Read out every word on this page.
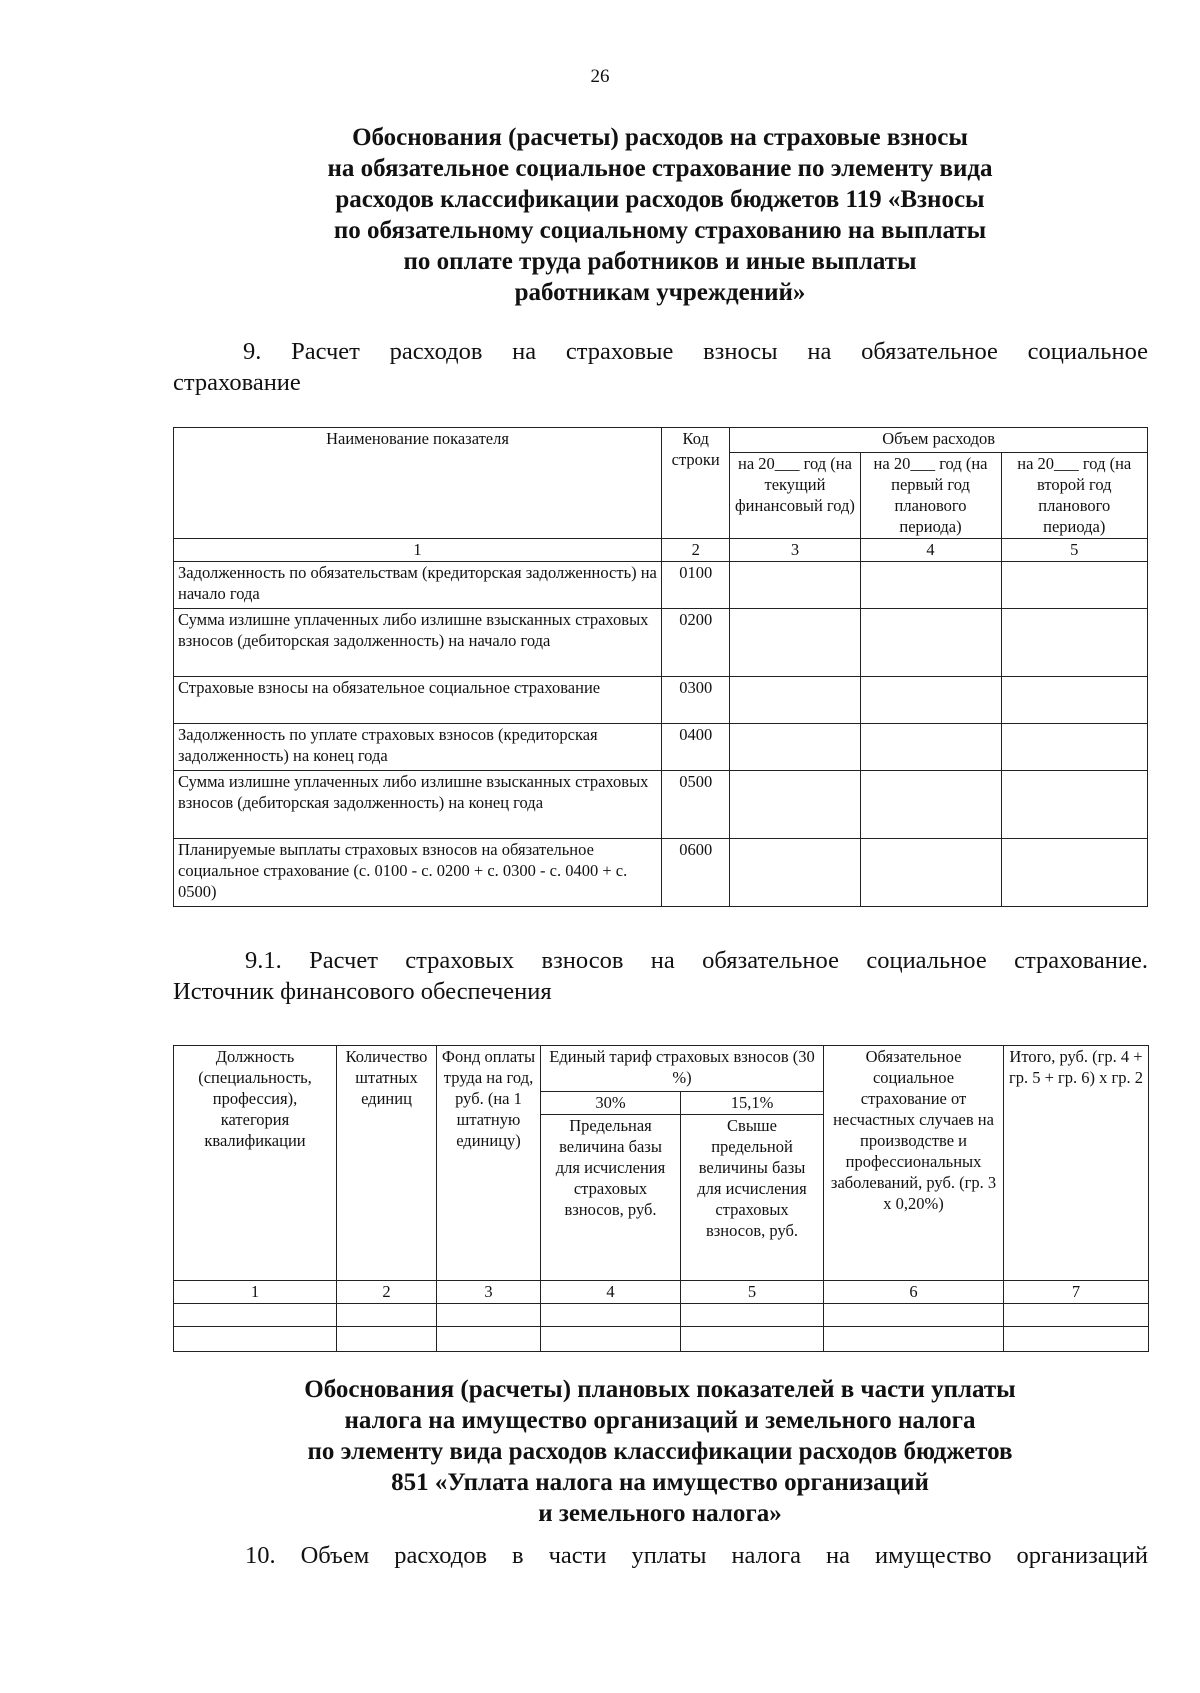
26
Обоснования (расчеты) расходов на страховые взносы
на обязательное социальное страхование по элементу вида
расходов классификации расходов бюджетов 119 «Взносы
по обязательному социальному страхованию на выплаты
по оплате труда работников и иные выплаты
работникам учреждений»

9. Расчет расходов на страховые взносы на обязательное социальное
страхование

Наименование показателя	Код строки	Объем расходов		
		на 20___ год (на текущий финансовый год)	на 20___ год (на первый год планового периода)	на 20___ год (на второй год планового периода)
1	2	3	4	5
Задолженность по обязательствам (кредиторская задолженность) на начало года	0100			
Сумма излишне уплаченных либо излишне взысканных страховых взносов (дебиторская задолженность) на начало года	0200			
Страховые взносы на обязательное социальное страхование	0300			
Задолженность по уплате страховых взносов (кредиторская задолженность) на конец года	0400			
Сумма излишне уплаченных либо излишне взысканных страховых взносов (дебиторская задолженность) на конец года	0500			
Планируемые выплаты страховых взносов на обязательное социальное страхование (с. 0100 - с. 0200 + с. 0300 - с. 0400 + с. 0500)	0600			

9.1. Расчет страховых взносов на обязательное социальное страхование.
Источник финансового обеспечения

Должность (специальность, профессия), категория квалификации	Количество штатных единиц	Фонд оплаты труда на год, руб. (на 1 штатную единицу)	Единый тариф страховых взносов (30 %)		Обязательное социальное страхование от несчастных случаев на производстве и профессиональных заболеваний, руб. (гр. 3 x 0,20%)	Итого, руб. (гр. 4 + гр. 5 + гр. 6) x гр. 2
			30%	15,1%		
			Предельная величина базы для исчисления страховых взносов, руб.	Свыше предельной величины базы для исчисления страховых взносов, руб.		
1	2	3	4	5	6	7

Обоснования (расчеты) плановых показателей в части уплаты
налога на имущество организаций и земельного налога
по элементу вида расходов классификации расходов бюджетов
851 «Уплата налога на имущество организаций
и земельного налога»

10. Объем расходов в части уплаты налога на имущество организаций
